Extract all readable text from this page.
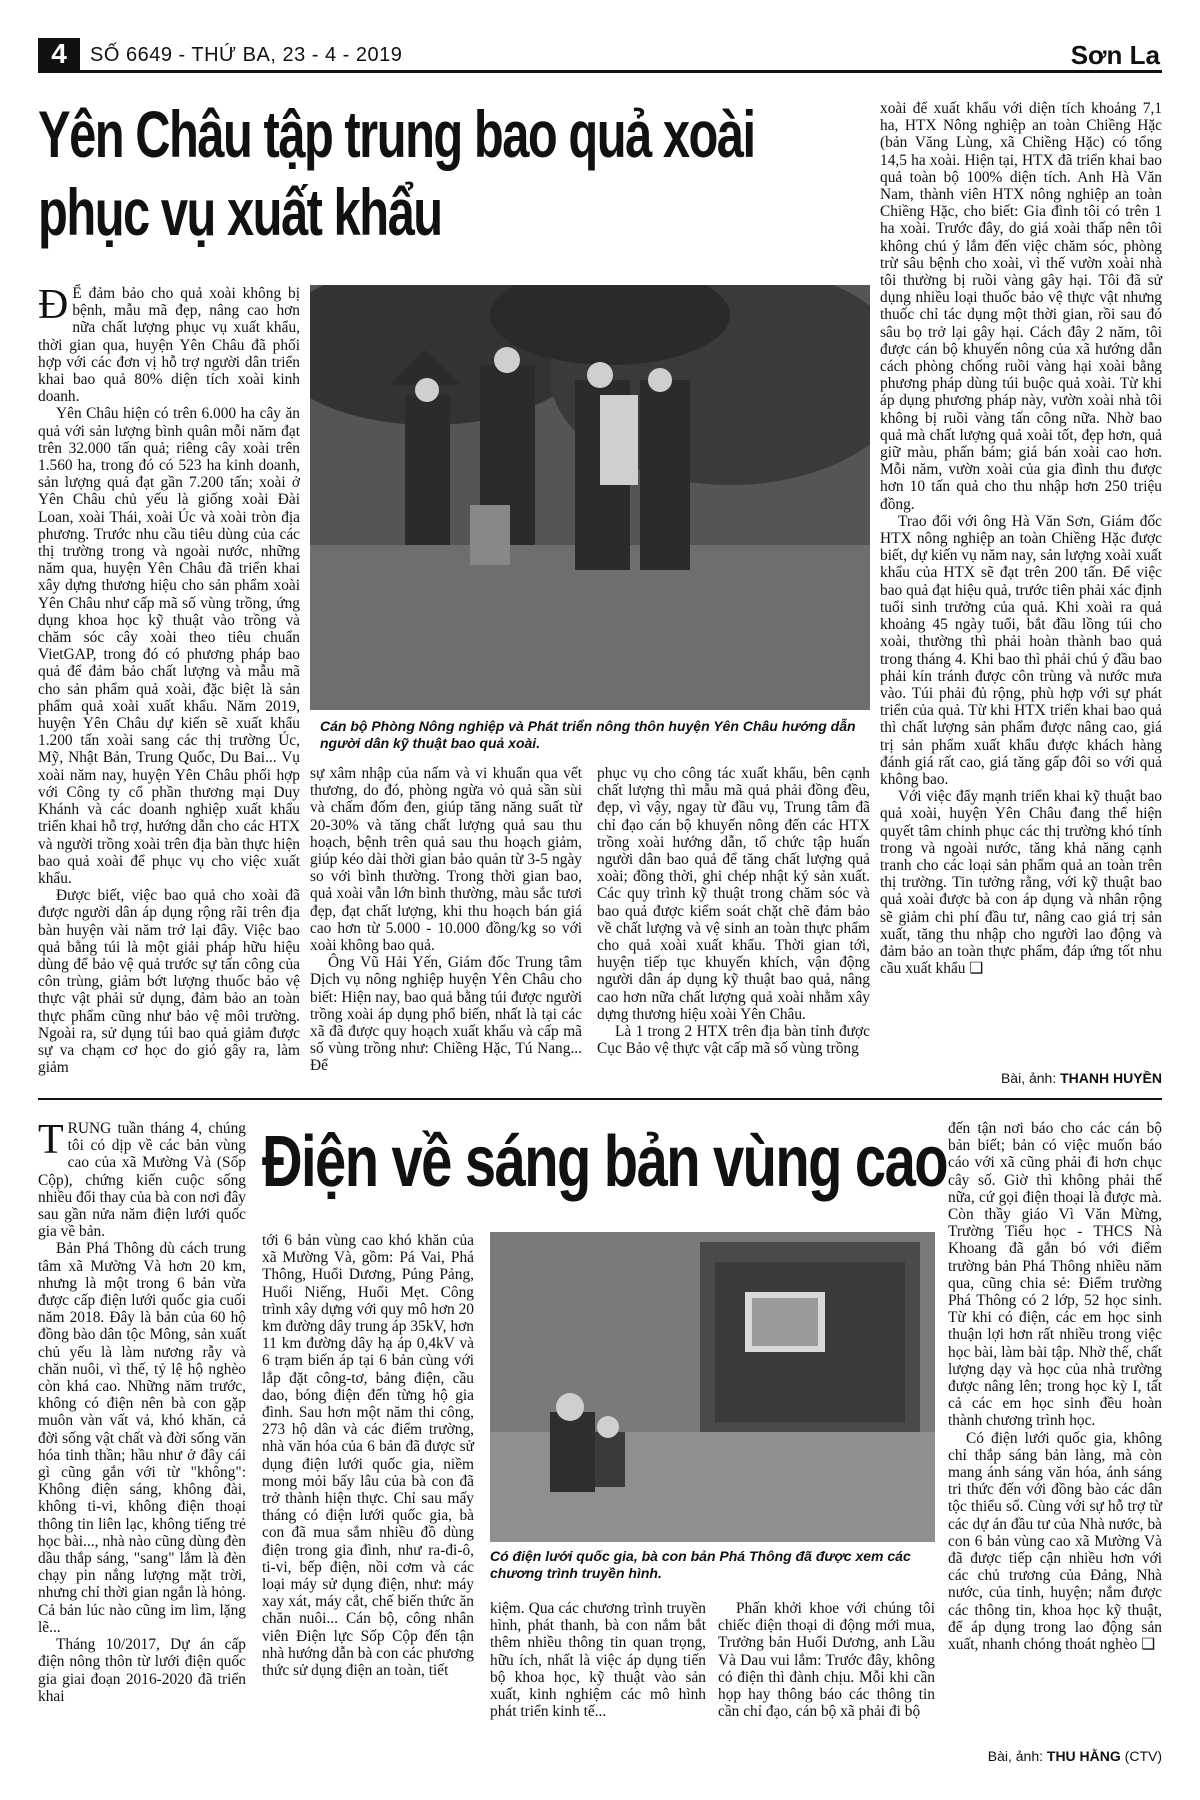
4	SỐ 6649 - THỨ BA, 23 - 4 - 2019	Sơn La
Yên Châu tập trung bao quả xoài
phục vụ xuất khẩu

Đ Ể đảm bảo cho quả xoài không bị bệnh, mẫu mã đẹp, nâng cao hơn nữa chất lượng phục vụ xuất khẩu, thời gian qua, huyện Yên Châu đã phối hợp với các đơn vị hỗ trợ người dân triển khai bao quả 80% diện tích xoài kinh doanh.

Yên Châu hiện có trên 6.000 ha cây ăn quả với sản lượng bình quân mỗi năm đạt trên 32.000 tấn quả; riêng cây xoài trên 1.560 ha, trong đó có 523 ha kinh doanh, sản lượng quả đạt gần 7.200 tấn; xoài ở Yên Châu chủ yếu là giống xoài Đài Loan, xoài Thái, xoài Úc và xoài tròn địa phương. Trước nhu cầu tiêu dùng của các thị trường trong và ngoài nước, những năm qua, huyện Yên Châu đã triển khai xây dựng thương hiệu cho sản phẩm xoài Yên Châu như cấp mã số vùng trồng, ứng dụng khoa học kỹ thuật vào trồng và chăm sóc cây xoài theo tiêu chuẩn VietGAP, trong đó có phương pháp bao quả để đảm bảo chất lượng và mẫu mã cho sản phẩm quả xoài, đặc biệt là sản phẩm quả xoài xuất khẩu. Năm 2019, huyện Yên Châu dự kiến sẽ xuất khẩu 1.200 tấn xoài sang các thị trường Úc, Mỹ, Nhật Bản, Trung Quốc, Du Bai... Vụ xoài năm nay, huyện Yên Châu phối hợp với Công ty cổ phần thương mại Duy Khánh và các doanh nghiệp xuất khẩu triển khai hỗ trợ, hướng dẫn cho các HTX và người trồng xoài trên địa bàn thực hiện bao quả xoài để phục vụ cho việc xuất khẩu.

Được biết, việc bao quả cho xoài đã được người dân áp dụng rộng rãi trên địa bàn huyện vài năm trở lại đây. Việc bao quả bằng túi là một giải pháp hữu hiệu dùng để bảo vệ quả trước sự tấn công của côn trùng, giảm bớt lượng thuốc bảo vệ thực vật phải sử dụng, đảm bảo an toàn thực phẩm cũng như bảo vệ môi trường. Ngoài ra, sử dụng túi bao quả giảm được sự va chạm cơ học do gió gây ra, làm giảm

Cán bộ Phòng Nông nghiệp và Phát triển nông thôn huyện Yên Châu hướng dẫn người dân kỹ thuật bao quả xoài.

sự xâm nhập của nấm và vi khuẩn qua vết thương, do đó, phòng ngừa vỏ quả sần sùi và chấm đốm đen, giúp tăng năng suất từ 20-30% và tăng chất lượng quả sau thu hoạch, bệnh trên quả sau thu hoạch giảm, giúp kéo dài thời gian bảo quản từ 3-5 ngày so với bình thường. Trong thời gian bao, quả xoài vẫn lớn bình thường, màu sắc tươi đẹp, đạt chất lượng, khi thu hoạch bán giá cao hơn từ 5.000 - 10.000 đồng/kg so với xoài không bao quả.

Ông Vũ Hải Yến, Giám đốc Trung tâm Dịch vụ nông nghiệp huyện Yên Châu cho biết: Hiện nay, bao quả bằng túi được người trồng xoài áp dụng phổ biến, nhất là tại các xã đã được quy hoạch xuất khẩu và cấp mã số vùng trồng như: Chiềng Hặc, Tú Nang... Để

phục vụ cho công tác xuất khẩu, bên cạnh chất lượng thì mẫu mã quả phải đồng đều, đẹp, vì vậy, ngay từ đầu vụ, Trung tâm đã chỉ đạo cán bộ khuyến nông đến các HTX trồng xoài hướng dẫn, tổ chức tập huấn người dân bao quả để tăng chất lượng quả xoài; đồng thời, ghi chép nhật ký sản xuất. Các quy trình kỹ thuật trong chăm sóc và bao quả được kiểm soát chặt chẽ đảm bảo về chất lượng và vệ sinh an toàn thực phẩm cho quả xoài xuất khẩu. Thời gian tới, huyện tiếp tục khuyến khích, vận động người dân áp dụng kỹ thuật bao quả, nâng cao hơn nữa chất lượng quả xoài nhằm xây dựng thương hiệu xoài Yên Châu.

Là 1 trong 2 HTX trên địa bàn tỉnh được Cục Bảo vệ thực vật cấp mã số vùng trồng

xoài để xuất khẩu với diện tích khoảng 7,1 ha, HTX Nông nghiệp an toàn Chiềng Hặc (bản Văng Lùng, xã Chiềng Hặc) có tổng 14,5 ha xoài. Hiện tại, HTX đã triển khai bao quả toàn bộ 100% diện tích. Anh Hà Văn Nam, thành viên HTX nông nghiệp an toàn Chiềng Hặc, cho biết: Gia đình tôi có trên 1 ha xoài. Trước đây, do giá xoài thấp nên tôi không chú ý lắm đến việc chăm sóc, phòng trừ sâu bệnh cho xoài, vì thế vườn xoài nhà tôi thường bị ruồi vàng gây hại. Tôi đã sử dụng nhiều loại thuốc bảo vệ thực vật nhưng thuốc chỉ tác dụng một thời gian, rồi sau đó sâu bọ trở lại gây hại. Cách đây 2 năm, tôi được cán bộ khuyến nông của xã hướng dẫn cách phòng chống ruồi vàng hại xoài bằng phương pháp dùng túi buộc quả xoài. Từ khi áp dụng phương pháp này, vườn xoài nhà tôi không bị ruồi vàng tấn công nữa. Nhờ bao quả mà chất lượng quả xoài tốt, đẹp hơn, quả giữ màu, phấn bám; giá bán xoài cao hơn. Mỗi năm, vườn xoài của gia đình thu được hơn 10 tấn quả cho thu nhập hơn 250 triệu đồng.

Trao đổi với ông Hà Văn Sơn, Giám đốc HTX nông nghiệp an toàn Chiềng Hặc được biết, dự kiến vụ năm nay, sản lượng xoài xuất khẩu của HTX sẽ đạt trên 200 tấn. Để việc bao quả đạt hiệu quả, trước tiên phải xác định tuổi sinh trưởng của quả. Khi xoài ra quả khoảng 45 ngày tuổi, bắt đầu lồng túi cho xoài, thường thì phải hoàn thành bao quả trong tháng 4. Khi bao thì phải chú ý đầu bao phải kín tránh được côn trùng và nước mưa vào. Túi phải đủ rộng, phù hợp với sự phát triển của quả. Từ khi HTX triển khai bao quả thì chất lượng sản phẩm được nâng cao, giá trị sản phẩm xuất khẩu được khách hàng đánh giá rất cao, giá tăng gấp đôi so với quả không bao.

Với việc đẩy mạnh triển khai kỹ thuật bao quả xoài, huyện Yên Châu đang thể hiện quyết tâm chinh phục các thị trường khó tính trong và ngoài nước, tăng khả năng cạnh tranh cho các loại sản phẩm quả an toàn trên thị trường. Tin tưởng rằng, với kỹ thuật bao quả xoài được bà con áp dụng và nhân rộng sẽ giảm chi phí đầu tư, nâng cao giá trị sản xuất, tăng thu nhập cho người lao động và đảm bảo an toàn thực phẩm, đáp ứng tốt nhu cầu xuất khẩu ❑

Bài, ảnh: THANH HUYỀN

TRUNG tuần tháng 4, chúng tôi có dịp về các bản vùng cao của xã Mường Và (Sốp Cộp), chứng kiến cuộc sống nhiều đổi thay của bà con nơi đây sau gần nửa năm điện lưới quốc gia về bản.

Bản Phá Thông dù cách trung tâm xã Mường Và hơn 20 km, nhưng là một trong 6 bản vừa được cấp điện lưới quốc gia cuối năm 2018. Đây là bản của 60 hộ đồng bào dân tộc Mông, sản xuất chủ yếu là làm nương rẫy và chăn nuôi, vì thế, tỷ lệ hộ nghèo còn khá cao. Những năm trước, không có điện nên bà con gặp muôn vàn vất vả, khó khăn, cả đời sống vật chất và đời sống văn hóa tinh thần; hầu như ở đây cái gì cũng gắn với từ "không": Không điện sáng, không đài, không ti-vi, không điện thoại thông tin liên lạc, không tiếng trẻ học bài..., nhà nào cũng dùng đèn dầu thắp sáng, "sang" lắm là đèn chạy pin nắng lượng mặt trời, nhưng chỉ thời gian ngắn là hỏng. Cả bản lúc nào cũng im lìm, lặng lẽ...

Tháng 10/2017, Dự án cấp điện nông thôn từ lưới điện quốc gia giai đoạn 2016-2020 đã triển khai

Điện về sáng bản vùng cao

tới 6 bản vùng cao khó khăn của xã Mường Và, gồm: Pá Vai, Phá Thông, Huổi Dương, Púng Pảng, Huổi Niếng, Huổi Mẹt. Công trình xây dựng với quy mô hơn 20 km đường dây trung áp 35kV, hơn 11 km đường dây hạ áp 0,4kV và 6 trạm biến áp tại 6 bản cùng với lắp đặt công-tơ, bảng điện, cầu dao, bóng điện đến từng hộ gia đình. Sau hơn một năm thi công, 273 hộ dân và các điểm trường, nhà văn hóa của 6 bản đã được sử dụng điện lưới quốc gia, niềm mong mỏi bấy lâu của bà con đã trở thành hiện thực. Chỉ sau mấy tháng có điện lưới quốc gia, bà con đã mua sắm nhiều đồ dùng điện trong gia đình, như ra-đi-ô, ti-vi, bếp điện, nồi cơm và các loại máy sử dụng điện, như: máy xay xát, máy cắt, chế biến thức ăn chăn nuôi... Cán bộ, công nhân viên Điện lực Sốp Cộp đến tận nhà hướng dẫn bà con các phương thức sử dụng điện an toàn, tiết

Có điện lưới quốc gia, bà con bản Phá Thông đã được xem các chương trình truyền hình.

kiệm. Qua các chương trình truyền hình, phát thanh, bà con nắm bắt thêm nhiều thông tin quan trọng, hữu ích, nhất là việc áp dụng tiến bộ khoa học, kỹ thuật vào sản xuất, kinh nghiệm các mô hình phát triển kinh tế...

Phấn khởi khoe với chúng tôi chiếc điện thoại di động mới mua, Trưởng bản Huổi Dương, anh Lầu Và Dau vui lắm: Trước đây, không có điện thì đành chịu. Mỗi khi cần họp hay thông báo các thông tin cần chỉ đạo, cán bộ xã phải đi bộ

đến tận nơi báo cho các cán bộ bản biết; bản có việc muốn báo cáo với xã cũng phải đi hơn chục cây số. Giờ thì không phải thế nữa, cứ gọi điện thoại là được mà. Còn thầy giáo Vì Văn Mừng, Trường Tiểu học - THCS Nà Khoang đã gắn bó với điểm trường bản Phá Thông nhiều năm qua, cũng chia sẻ: Điểm trường Phá Thông có 2 lớp, 52 học sinh. Từ khi có điện, các em học sinh thuận lợi hơn rất nhiều trong việc học bài, làm bài tập. Nhờ thế, chất lượng dạy và học của nhà trường được nâng lên; trong học kỳ I, tất cả các em học sinh đều hoàn thành chương trình học.

Có điện lưới quốc gia, không chỉ thắp sáng bản làng, mà còn mang ánh sáng văn hóa, ánh sáng tri thức đến với đồng bào các dân tộc thiểu số. Cùng với sự hỗ trợ từ các dự án đầu tư của Nhà nước, bà con 6 bản vùng cao xã Mường Và đã được tiếp cận nhiều hơn với các chủ trương của Đảng, Nhà nước, của tỉnh, huyện; nắm được các thông tin, khoa học kỹ thuật, để áp dụng trong lao động sản xuất, nhanh chóng thoát nghèo ❑

Bài, ảnh: THU HẰNG (CTV)
